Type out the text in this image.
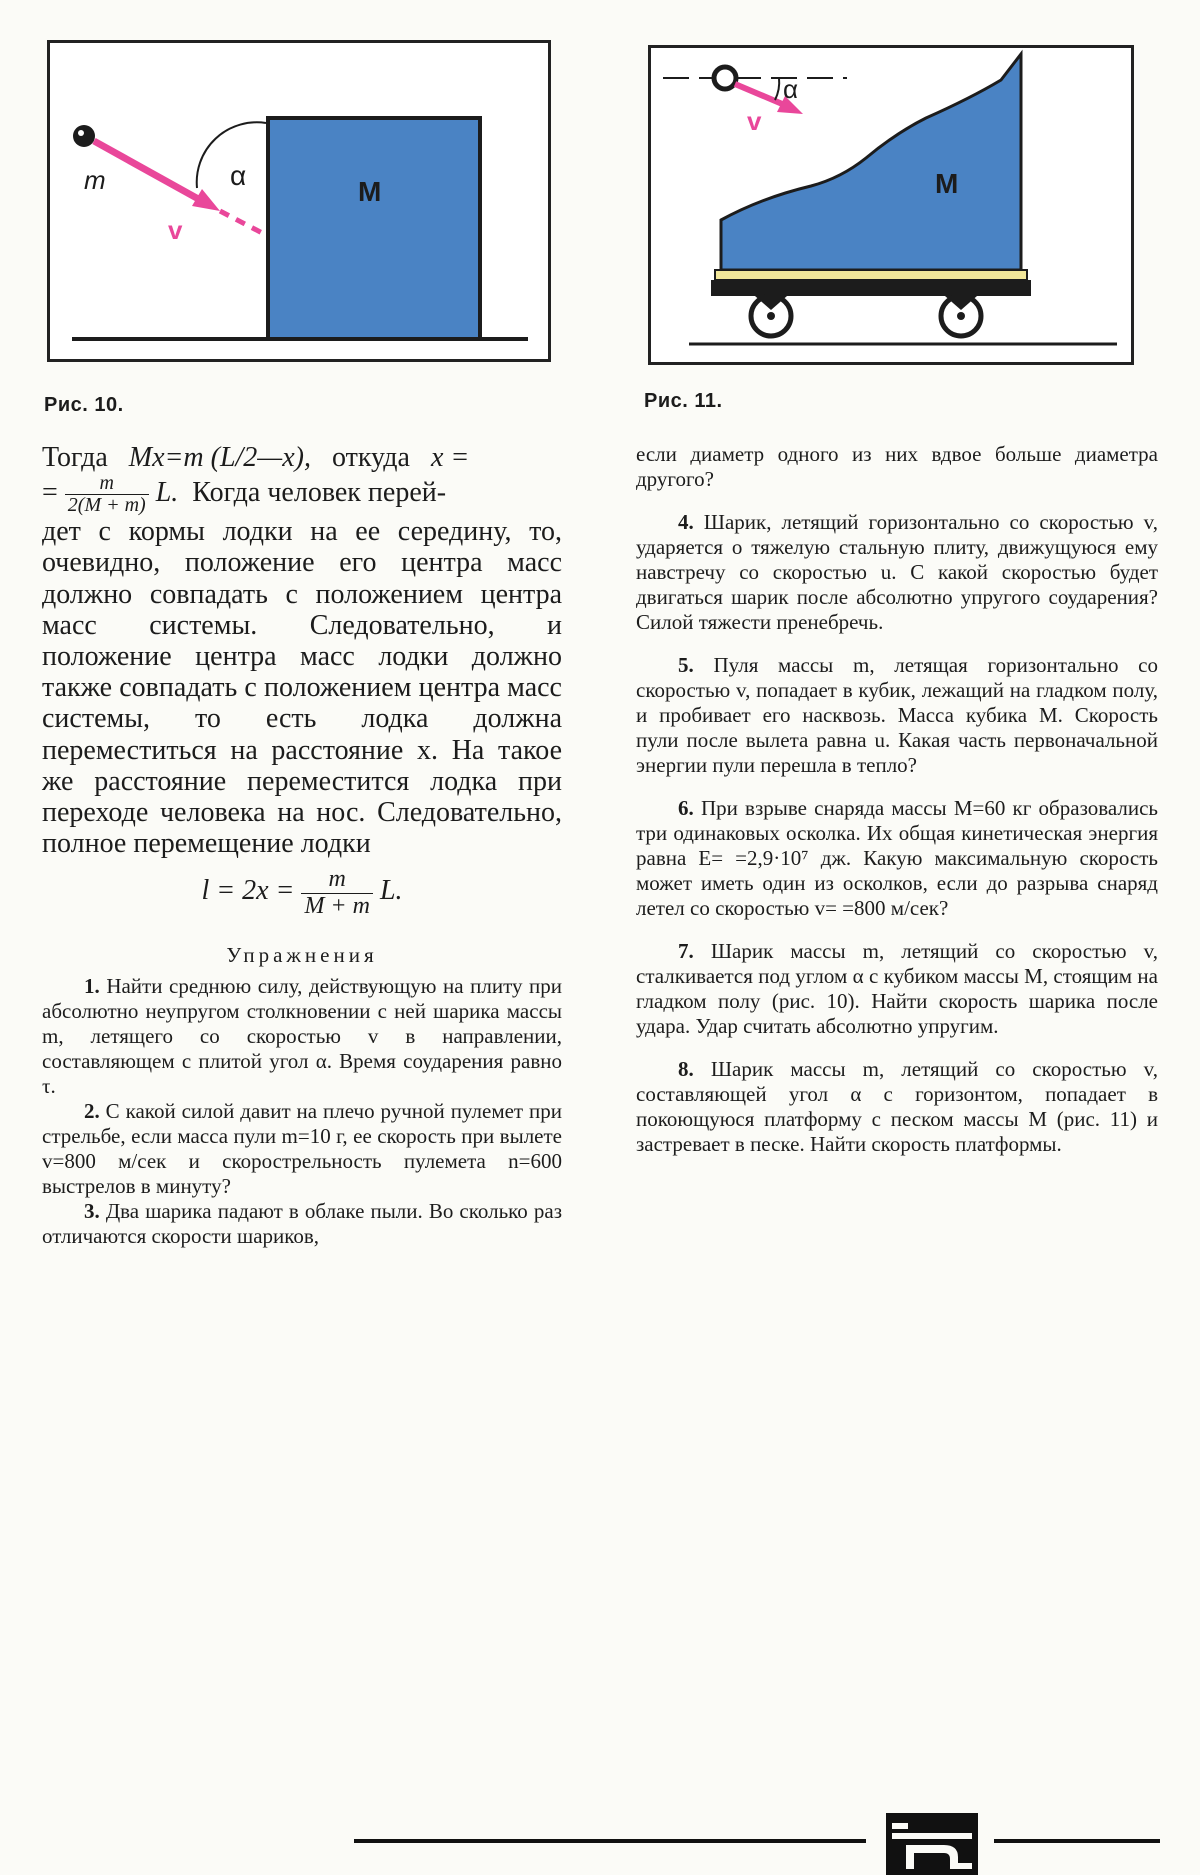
m
v
α
M
Рис. 10.
v
α
M
Рис. 11.
Тогда Mx=m (L/2—x), откуда x =
= $\frac{m}{2(M + m)} L$. Когда человек перей-

дет с кормы лодки на ее середину, то, очевидно, положение его центра масс должно совпадать с положением центра масс системы. Следовательно, и положение центра масс лодки должно также совпадать с положением центра масс системы, то есть лодка должна переместиться на расстояние x. На такое же расстояние переместится лодка при переходе человека на нос. Следовательно, полное перемещение лодки

$l = 2x = \frac{m}{M + m} L$.
Упражнения

1. Найти среднюю силу, действующую на плиту при абсолютно неупругом столкновении с ней шарика массы m, летящего со скоростью v в направлении, составляющем с плитой угол α. Время соударения равно τ.

2. С какой силой давит на плечо ручной пулемет при стрельбе, если масса пули m=10 г, ее скорость при вылете v=800 м/сек и скорострельность пулемета n=600 выстрелов в минуту?

3. Два шарика падают в облаке пыли. Во сколько раз отличаются скорости шариков,

если диаметр одного из них вдвое больше диаметра другого?

4. Шарик, летящий горизонтально со скоростью v, ударяется о тяжелую стальную плиту, движущуюся ему навстречу со скоростью u. С какой скоростью будет двигаться шарик после абсолютно упругого соударения? Силой тяжести пренебречь.

5. Пуля массы m, летящая горизонтально со скоростью v, попадает в кубик, лежащий на гладком полу, и пробивает его насквозь. Масса кубика M. Скорость пули после вылета равна u. Какая часть первоначальной энергии пули перешла в тепло?

6. При взрыве снаряда массы M=60 кг образовались три одинаковых осколка. Их общая кинетическая энергия равна E= =2,9·10⁷ дж. Какую максимальную скорость может иметь один из осколков, если до разрыва снаряд летел со скоростью v= =800 м/сек?

7. Шарик массы m, летящий со скоростью v, сталкивается под углом α с кубиком массы M, стоящим на гладком полу (рис. 10). Найти скорость шарика после удара. Удар считать абсолютно упругим.

8. Шарик массы m, летящий со скоростью v, составляющей угол α с горизонтом, попадает в покоющуюся платформу с песком массы M (рис. 11) и застревает в песке. Найти скорость платформы.
